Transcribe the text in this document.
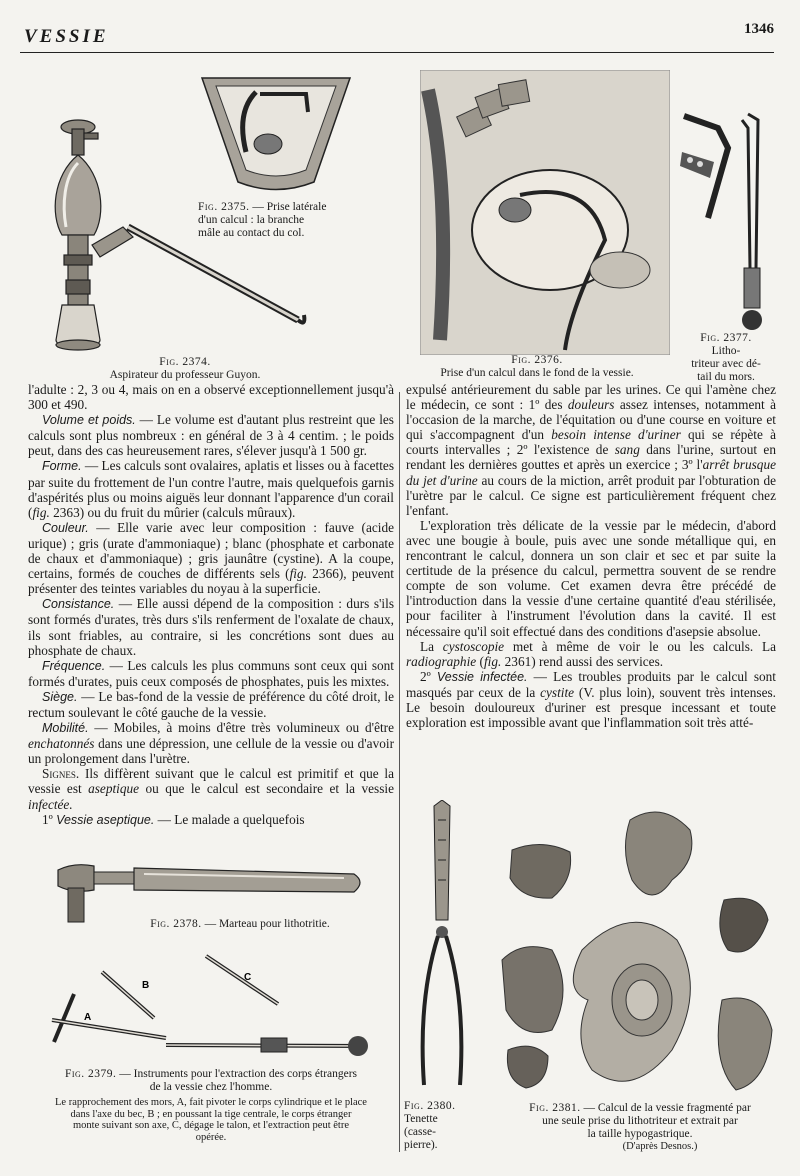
VESSIE	1346
Fig. 2374.
Aspirateur du professeur Guyon.
Fig. 2375. — Prise latérale
d'un calcul : la branche
mâle au contact du col.
Fig. 2376.
Prise d'un calcul dans le fond de la vessie.
Fig. 2377.
Litho-
triteur avec dé-
tail du mors.

l'adulte : 2, 3 ou 4, mais on en a observé exceptionnellement jusqu'à 300 et 490.

Volume et poids. — Le volume est d'autant plus restreint que les calculs sont plus nombreux : en général de 3 à 4 centim. ; le poids peut, dans des cas heureusement rares, s'élever jusqu'à 1 500 gr.

Forme. — Les calculs sont ovalaires, aplatis et lisses ou à facettes par suite du frottement de l'un contre l'autre, mais quelquefois garnis d'aspérités plus ou moins aiguës leur donnant l'apparence d'un corail (fig. 2363) ou du fruit du mûrier (calculs mûraux).

Couleur. — Elle varie avec leur composition : fauve (acide urique) ; gris (urate d'ammoniaque) ; blanc (phosphate et carbonate de chaux et d'ammoniaque) ; gris jaunâtre (cystine). A la coupe, certains, formés de couches de différents sels (fig. 2366), peuvent présenter des teintes variables du noyau à la superficie.

Consistance. — Elle aussi dépend de la composition : durs s'ils sont formés d'urates, très durs s'ils renferment de l'oxalate de chaux, ils sont friables, au contraire, si les concrétions sont dues au phosphate de chaux.

Fréquence. — Les calculs les plus communs sont ceux qui sont formés d'urates, puis ceux composés de phosphates, puis les mixtes.

Siège. — Le bas-fond de la vessie de préférence du côté droit, le rectum soulevant le côté gauche de la vessie.

Mobilité. — Mobiles, à moins d'être très volumineux ou d'être enchatonnés dans une dépression, une cellule de la vessie ou d'avoir un prolongement dans l'urètre.

Signes. Ils diffèrent suivant que le calcul est primitif et que la vessie est aseptique ou que le calcul est secondaire et la vessie infectée.

1º Vessie aseptique. — Le malade a quelquefois

expulsé antérieurement du sable par les urines. Ce qui l'amène chez le médecin, ce sont : 1º des douleurs assez intenses, notamment à l'occasion de la marche, de l'équitation ou d'une course en voiture et qui s'accompagnent d'un besoin intense d'uriner qui se répète à courts intervalles ; 2º l'existence de sang dans l'urine, surtout en rendant les dernières gouttes et après un exercice ; 3º l'arrêt brusque du jet d'urine au cours de la miction, arrêt produit par l'obturation de l'urètre par le calcul. Ce signe est particulièrement fréquent chez l'enfant.

L'exploration très délicate de la vessie par le médecin, d'abord avec une bougie à boule, puis avec une sonde métallique qui, en rencontrant le calcul, donnera un son clair et sec et par suite la certitude de la présence du calcul, permettra souvent de se rendre compte de son volume. Cet examen devra être précédé de l'introduction dans la vessie d'une certaine quantité d'eau stérilisée, pour faciliter à l'instrument l'évolution dans la cavité. Il est nécessaire qu'il soit effectué dans des conditions d'asepsie absolue.

La cystoscopie met à même de voir le ou les calculs. La radiographie (fig. 2361) rend aussi des services.

2º Vessie infectée. — Les troubles produits par le calcul sont masqués par ceux de la cystite (V. plus loin), souvent très intenses. Le besoin douloureux d'uriner est presque incessant et toute exploration est impossible avant que l'inflammation soit très atté-

Fig. 2378. — Marteau pour lithotritie.
A
B
C
Fig. 2379. — Instruments pour l'extraction des corps étrangers
de la vessie chez l'homme.
Le rapprochement des mors, A, fait pivoter le corps cylindrique et le place
dans l'axe du bec, B ; en poussant la tige centrale, le corps étranger
monte suivant son axe, C, dégage le talon, et l'extraction peut être
opérée.
Fig. 2380.
Tenette
(casse-
pierre).
Fig. 2381. — Calcul de la vessie fragmenté par
une seule prise du lithotriteur et extrait par
la taille hypogastrique.
(D'après Desnos.)
